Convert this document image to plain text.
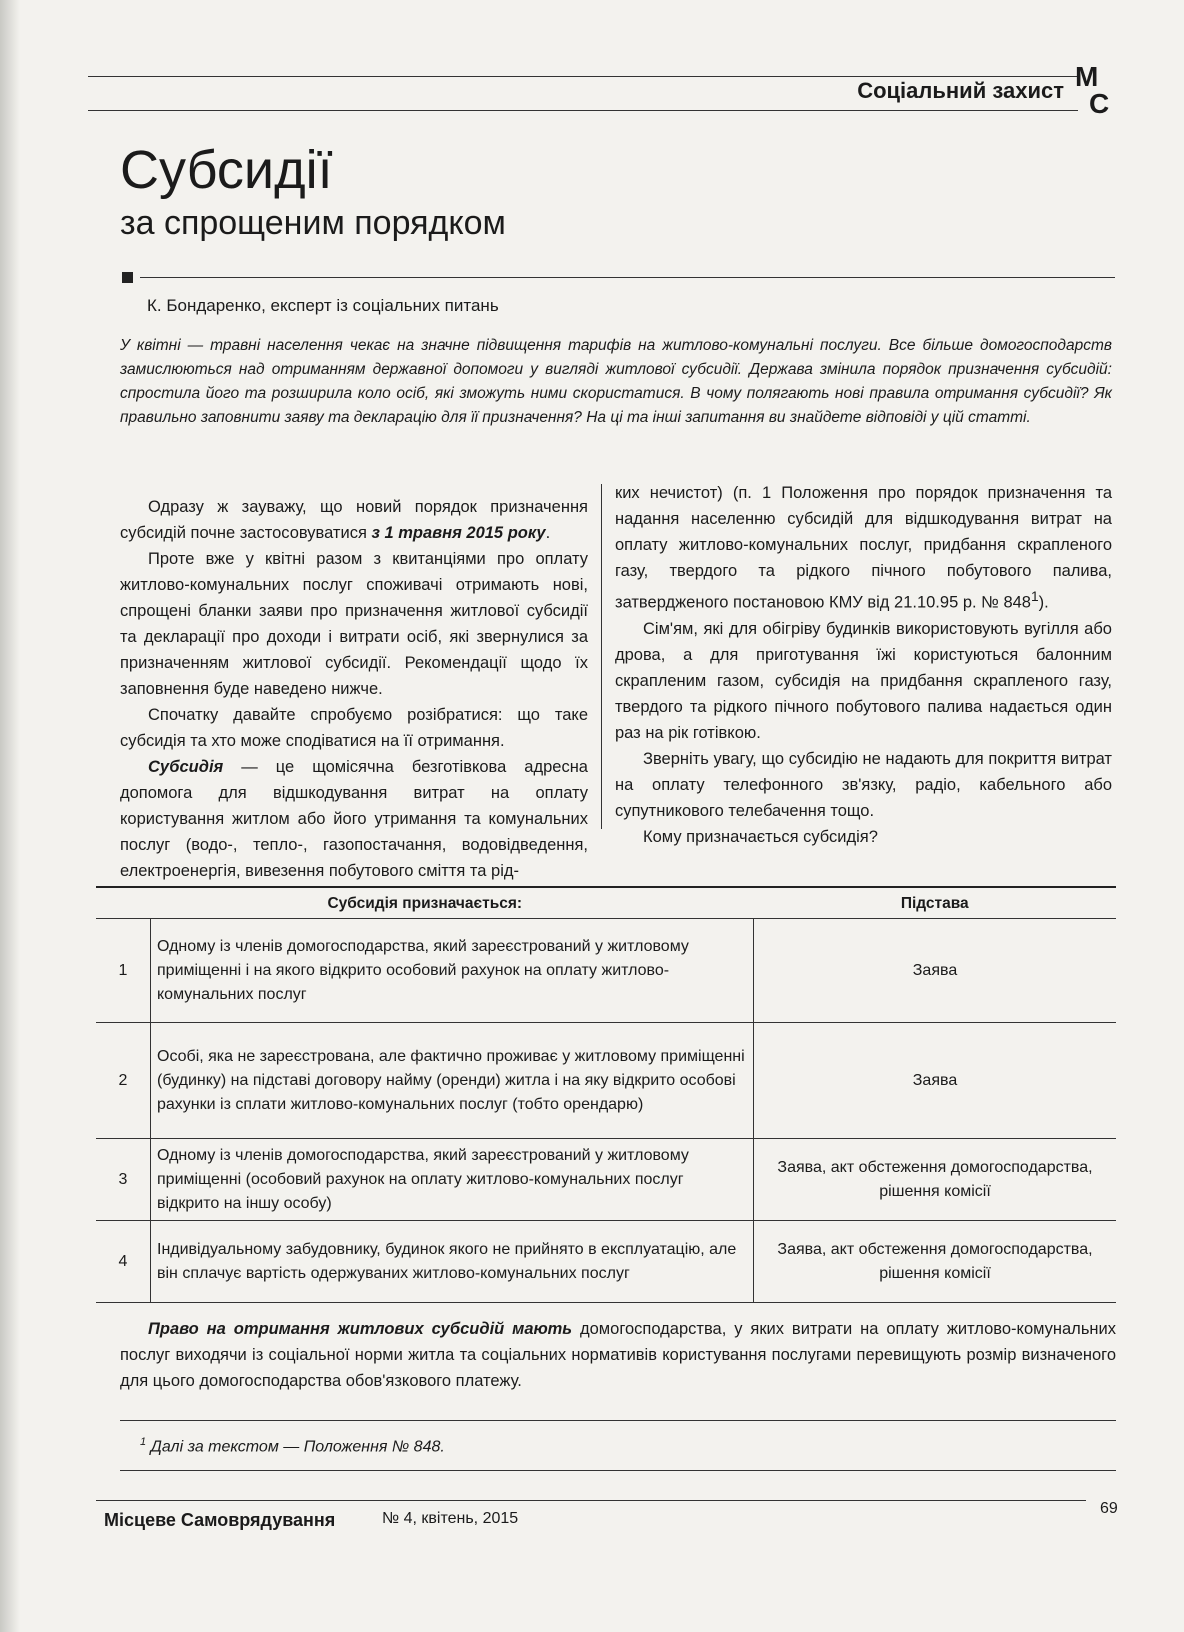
Соціальний захист М
С
Субсидії
за спрощеним порядком
К. Бондаренко, експерт із соціальних питань
У квітні — травні населення чекає на значне підвищення тарифів на житлово-комунальні послуги. Все більше домогосподарств замислюються над отриманням державної допомоги у вигляді житлової субсидії. Держава змінила порядок призначення субсидій: спростила його та розширила коло осіб, які зможуть ними скористатися. В чому полягають нові правила отримання субсидії? Як правильно заповнити заяву та декларацію для її призначення? На ці та інші запитання ви знайдете відповіді у цій статті.

Одразу ж зауважу, що новий порядок призначення субсидій почне застосовуватися з 1 травня 2015 року.

Проте вже у квітні разом з квитанціями про оплату житлово-комунальних послуг споживачі отримають нові, спрощені бланки заяви про призначення житлової субсидії та декларації про доходи і витрати осіб, які звернулися за призначенням житлової субсидії. Рекомендації щодо їх заповнення буде наведено нижче.

Спочатку давайте спробуємо розібратися: що таке субсидія та хто може сподіватися на її отримання.

Субсидія — це щомісячна безготівкова адресна допомога для відшкодування витрат на оплату користування житлом або його утримання та комунальних послуг (водо-, тепло-, газопостачання, водовідведення, електроенергія, вивезення побутового сміття та рід-

ких нечистот) (п. 1 Положення про порядок призначення та надання населенню субсидій для відшкодування витрат на оплату житлово-комунальних послуг, придбання скрапленого газу, твердого та рідкого пічного побутового палива, затвердженого постановою КМУ від 21.10.95 р. № $848^1$).

Сім'ям, які для обігріву будинків використовують вугілля або дрова, а для приготування їжі користуються балонним скрапленим газом, субсидія на придбання скрапленого газу, твердого та рідкого пічного побутового палива надається один раз на рік готівкою.

Зверніть увагу, що субсидію не надають для покриття витрат на оплату телефонного зв'язку, радіо, кабельного або супутникового телебачення тощо.

Кому призначається субсидія?

Субсидія призначається:		Підстава
1	Одному із членів домогосподарства, який зареєстрований у житловому приміщенні і на якого відкрито особовий рахунок на оплату житлово-комунальних послуг	Заява
2	Особі, яка не зареєстрована, але фактично проживає у житловому приміщенні (будинку) на підставі договору найму (оренди) житла і на яку відкрито особові рахунки із сплати житлово-комунальних послуг (тобто орендарю)	Заява
3	Одному із членів домогосподарства, який зареєстрований у житловому приміщенні (особовий рахунок на оплату житлово-комунальних послуг відкрито на іншу особу)	Заява, акт обстеження домогосподарства, рішення комісії
4	Індивідуальному забудовнику, будинок якого не прийнято в експлуатацію, але він сплачує вартість одержуваних житлово-комунальних послуг	Заява, акт обстеження домогосподарства, рішення комісії

Право на отримання житлових субсидій мають домогосподарства, у яких витрати на оплату житлово-комунальних послуг виходячи із соціальної норми житла та соціальних нормативів користування послугами перевищують розмір визначеного для цього домогосподарства обов'язкового платежу.

$^1$ Далі за текстом — Положення № 848.
Місцеве Самоврядування	№ 4, квітень, 2015
69
